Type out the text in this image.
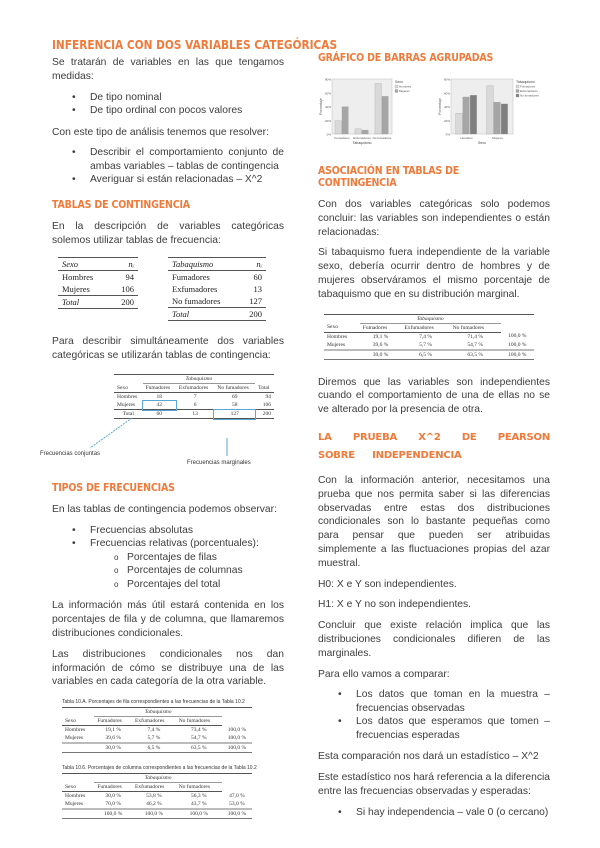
INFERENCIA CON DOS VARIABLES CATEGÓRICAS

Se tratarán de variables en las que tengamos medidas:

• De tipo nominal
• De tipo ordinal con pocos valores

Con este tipo de análisis tenemos que resolver:

• Describir el comportamiento conjunto de ambas variables – tablas de contingencia
• Averiguar si están relacionadas – X^2
TABLAS DE CONTINGENCIA

En la descripción de variables categóricas solemos utilizar tablas de frecuencia:

Sexo	nᵢ
Hombres	94
Mujeres	106
Total	200
Tabaquismo	nᵢ
Fumadores	60
Exfumadores	13
No fumadores	127
Total	200

Para describir simultáneamente dos variables categóricas se utilizarán tablas de contingencia:

	Tabaquismo			
Sexo	Fumadores	Exfumadores	No fumadores	Total
Hombres	18	7	69	94
Mujeres	42	6	58	106
Total	60	13	127	200
Frecuencias conjuntas
Frecuencias marginales
TIPOS DE FRECUENCIAS

En las tablas de contingencia podemos observar:

• Frecuencias absolutas
• Frecuencias relativas (porcentuales):
o Porcentajes de filas
o Porcentajes de columnas
o Porcentajes del total

La información más útil estará contenida en los porcentajes de fila y de columna, que llamaremos distribuciones condicionales.

Las distribuciones condicionales nos dan información de cómo se distribuye una de las variables en cada categoría de la otra variable.

Tabla 10.A. Porcentajes de fila correspondientes a las frecuencias de la Tabla 10.2
	Tabaquismo			
Sexo	Fumadores	Exfumadores	No fumadores	
Hombres	19,1 %	7,4 %	73,4 %	100,0 %
Mujeres	39,6 %	5,7 %	54,7 %	100,0 %
	30,0 %	6,5 %	63,5 %	100,0 %
Tabla 10.6. Porcentajes de columna correspondientes a las frecuencias de la Tabla 10.2
	Tabaquismo			
Sexo	Fumadores	Exfumadores	No fumadores	
Hombres	30,0 %	53,8 %	56,3 %	47,0 %
Mujeres	70,0 %	46,2 %	43,7 %	53,0 %
	100,0 %	100,0 %	100,0 %	100,0 %
GRÁFICO DE BARRAS AGRUPADAS
0%
20%
40%
60%
80%
Porcentaje
Fumadores Exfumadores No fumadores
Tabaquismo
Sexo
Hombres
Mujeres
0%
20%
40%
60%
80%
Porcentaje
Hombres	Mujeres
Sexo
Tabaquismo
Fumadores
Exfumadores
No fumadores
ASOCIACIÓN EN TABLAS DE CONTINGENCIA

Con dos variables categóricas solo podemos concluir: las variables son independientes o están relacionadas:

Si tabaquismo fuera independiente de la variable sexo, debería ocurrir dentro de hombres y de mujeres observáramos el mismo porcentaje de tabaquismo que en su distribución marginal.

	Tabaquismo			
Sexo	Fumadores	Exfumadores	No fumadores	
Hombres	19,1 %	7,4 %	71,4 %	100,0 %
Mujeres	39,6 %	5,7 %	54,7 %	100,0 %
	30,0 %	6,5 %	63,5 %	100,0 %

Diremos que las variables son independientes cuando el comportamiento de una de ellas no se ve alterado por la presencia de otra.

LA PRUEBA X^2 DE PEARSON SOBRE INDEPENDENCIA

Con la información anterior, necesitamos una prueba que nos permita saber si las diferencias observadas entre estas dos distribuciones condicionales son lo bastante pequeñas como para pensar que pueden ser atribuidas simplemente a las fluctuaciones propias del azar muestral.

H0: X e Y son independientes.

H1: X e Y no son independientes.

Concluir que existe relación implica que las distribuciones condicionales difieren de las marginales.

Para ello vamos a comparar:

• Los datos que toman en la muestra – frecuencias observadas
• Los datos que esperamos que tomen – frecuencias esperadas

Esta comparación nos dará un estadístico – X^2

Este estadístico nos hará referencia a la diferencia entre las frecuencias observadas y esperadas:

• Si hay independencia – vale 0 (o cercano)
